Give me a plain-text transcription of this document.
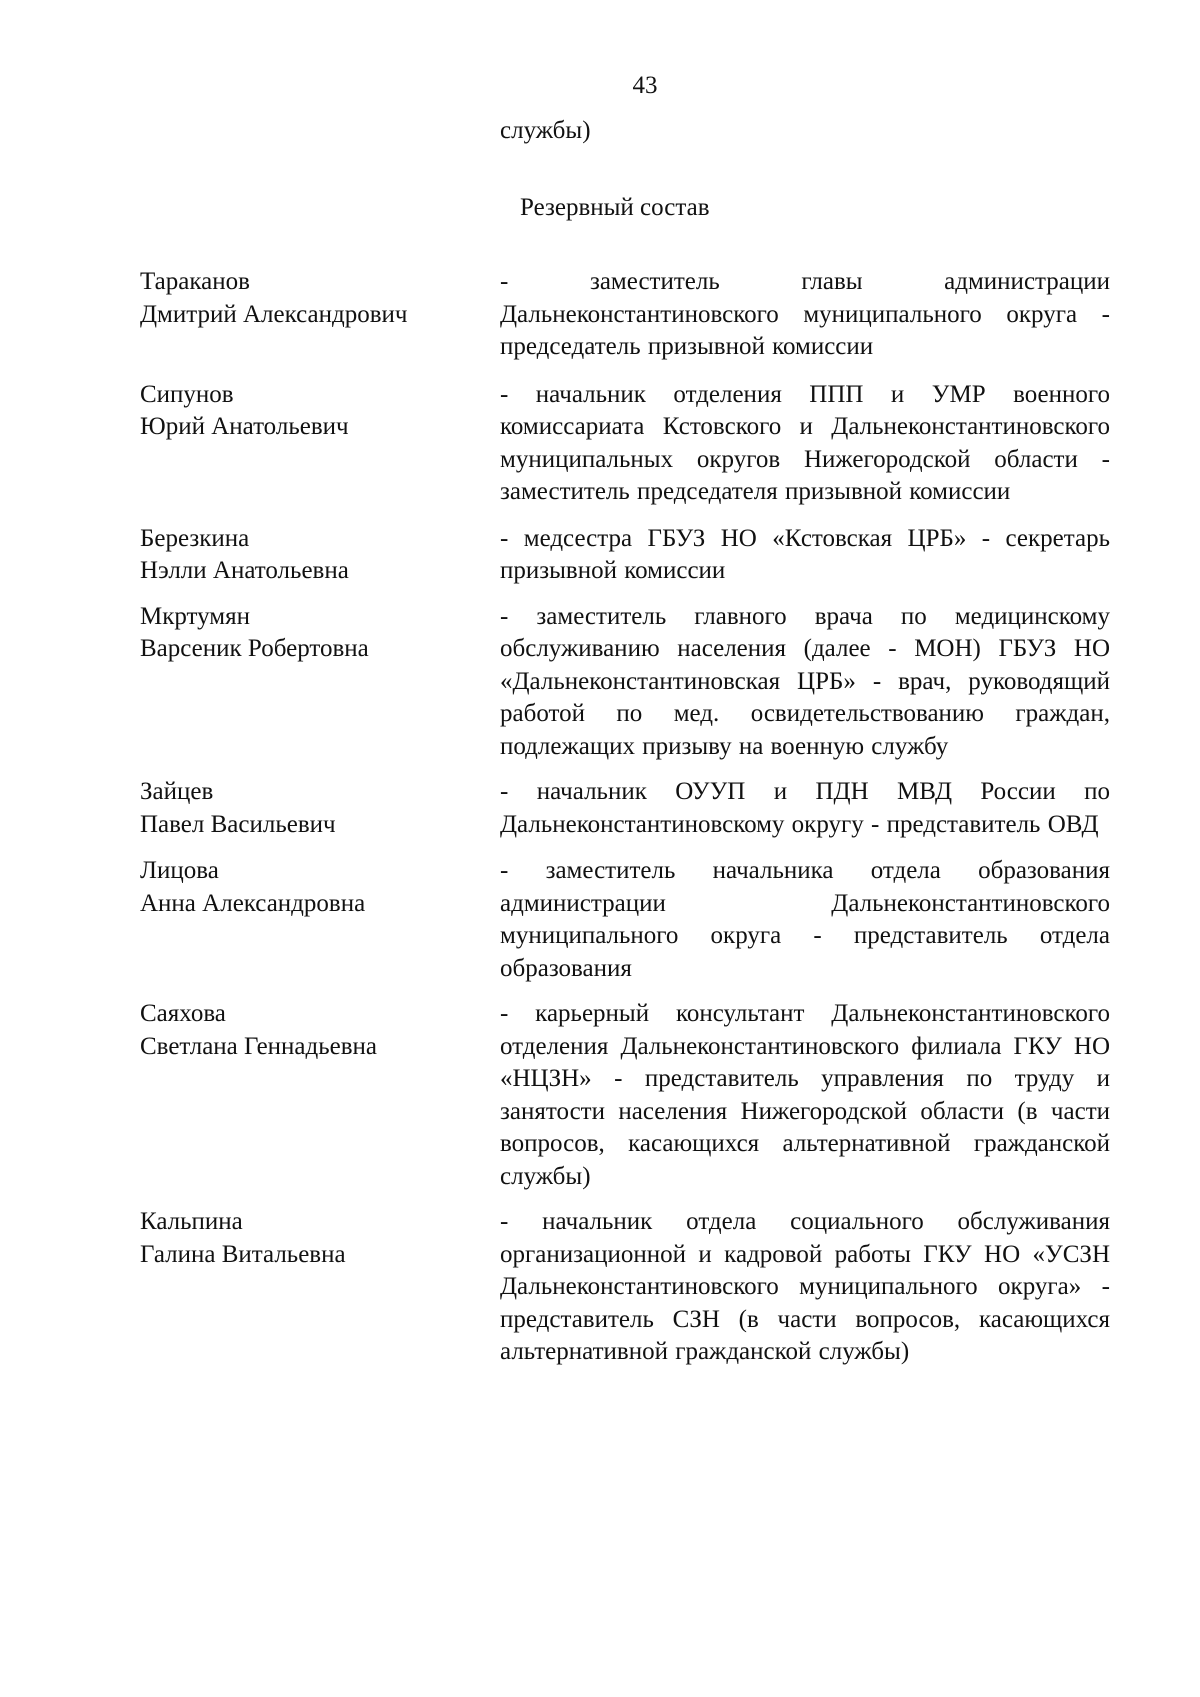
43
службы)
Резервный состав
Тараканов
Дмитрий Александрович
- заместитель главы администрации Дальнеконстантиновского муниципального округа - председатель призывной комиссии
Сипунов
Юрий Анатольевич
- начальник отделения ППП и УМР военного комиссариата Кстовского и Дальнеконстантиновского муниципальных округов Нижегородской области - заместитель председателя призывной комиссии
Березкина
Нэлли Анатольевна
- медсестра ГБУЗ НО «Кстовская ЦРБ» - секретарь призывной комиссии
Мкртумян
Варсеник Робертовна
- заместитель главного врача по медицинскому обслуживанию населения (далее - МОН) ГБУЗ НО «Дальнеконстантиновская ЦРБ» - врач, руководящий работой по мед. освидетельствованию граждан, подлежащих призыву на военную службу
Зайцев
Павел Васильевич
- начальник ОУУП и ПДН МВД России по Дальнеконстантиновскому округу - представитель ОВД
Лицова
Анна Александровна
- заместитель начальника отдела образования администрации Дальнеконстантиновского муниципального округа - представитель отдела образования
Саяхова
Светлана Геннадьевна
- карьерный консультант Дальнеконстантиновского отделения Дальнеконстантиновского филиала ГКУ НО «НЦЗН» - представитель управления по труду и занятости населения Нижегородской области (в части вопросов, касающихся альтернативной гражданской службы)
Кальпина
Галина Витальевна
- начальник отдела социального обслуживания организационной и кадровой работы ГКУ НО «УСЗН Дальнеконстантиновского муниципального округа» - представитель СЗН (в части вопросов, касающихся альтернативной гражданской службы)
